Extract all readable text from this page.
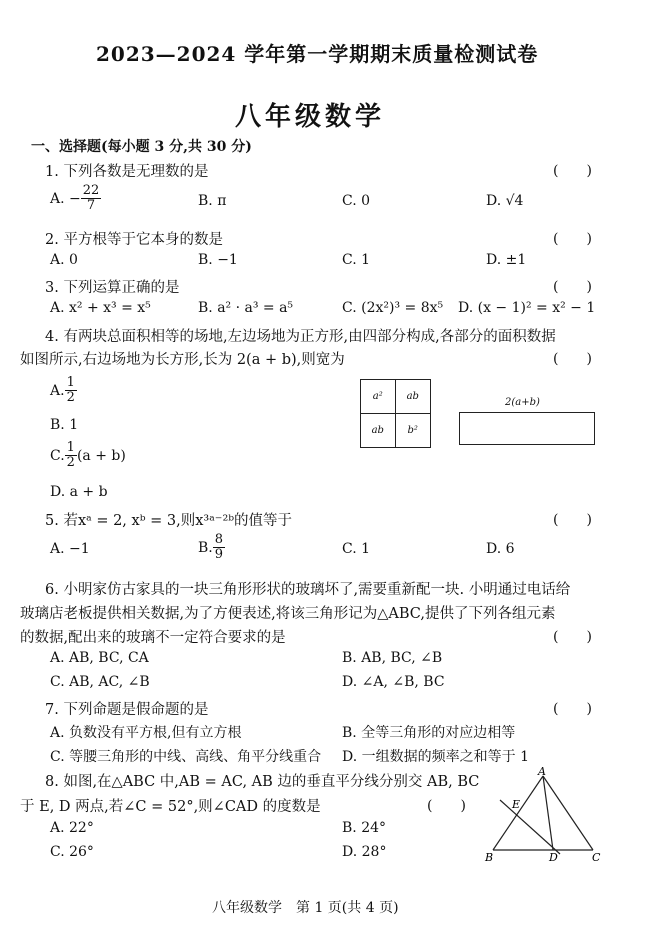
2023—2024 学年第一学期期末质量检测试卷
八年级数学
一、选择题(每小题 3 分,共 30 分)
1. 下列各数是无理数的是	(　　)
A. − $\frac{22}{7}$	B. π	C. 0	D. √4
2. 平方根等于它本身的数是	(　　)
A. 0	B. −1	C. 1	D. ±1
3. 下列运算正确的是	(　　)
A. x² + x³ = x⁵	B. a² · a³ = a⁵	C. (2x²)³ = 8x⁵ D. (x − 1)² = x² − 1
4. 有两块总面积相等的场地,左边场地为正方形,由四部分构成,各部分的面积数据
如图所示,右边场地为长方形,长为 2(a + b),则宽为	(　　)
A. $\frac{1}{2}$
B. 1
C. $\frac{1}{2} (a + b)$
D. a + b
a²	ab
ab	b²
2(a+b)
5. 若xᵃ = 2, xᵇ = 3,则x³ᵃ⁻²ᵇ的值等于	(　　)
A. −1	B. $\frac{8}{9}$	C. 1	D. 6
6. 小明家仿古家具的一块三角形形状的玻璃坏了,需要重新配一块. 小明通过电话给
玻璃店老板提供相关数据,为了方便表述,将该三角形记为△ABC,提供了下列各组元素
的数据,配出来的玻璃不一定符合要求的是	(　　)
A. AB, BC, CA	B. AB, BC, ∠B
C. AB, AC, ∠B	D. ∠A, ∠B, BC
7. 下列命题是假命题的是	(　　)
A. 负数没有平方根,但有立方根	B. 全等三角形的对应边相等
C. 等腰三角形的中线、高线、角平分线重合 D. 一组数据的频率之和等于 1
8. 如图,在△ABC 中,AB = AC, AB 边的垂直平分线分别交 AB, BC
于 E, D 两点,若∠C = 52°,则∠CAD 的度数是	(　　)
A. 22°	B. 24°
C. 26°	D. 28°
A
E
B	D	C
八年级数学　第 1 页(共 4 页)
